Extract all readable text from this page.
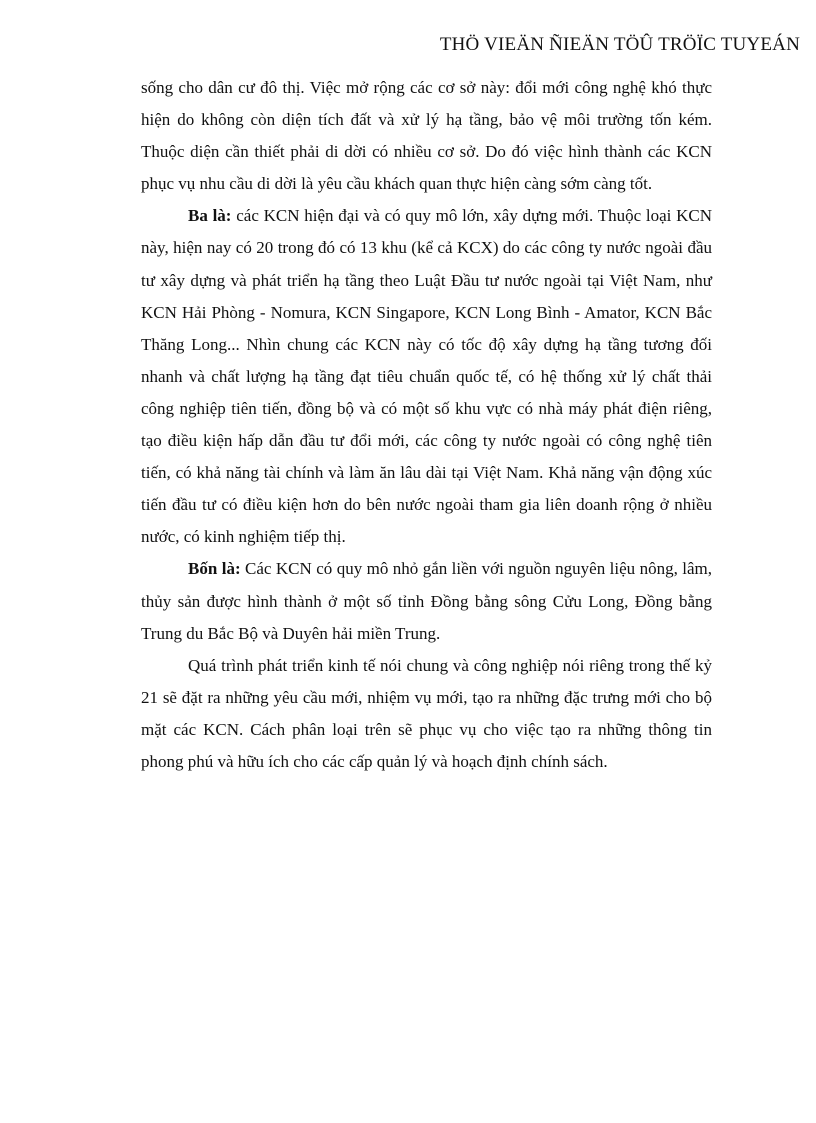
THÖ VIEÄN ÑIEÄN TÖÛ TRÖÏC TUYEÁN

sống cho dân cư đô thị. Việc mở rộng các cơ sở này: đổi mới công nghệ khó thực hiện do không còn diện tích đất và xử lý hạ tầng, bảo vệ môi trường tốn kém. Thuộc diện cần thiết phải di dời có nhiều cơ sở. Do đó việc hình thành các KCN phục vụ nhu cầu di dời là yêu cầu khách quan thực hiện càng sớm càng tốt.

Ba là: các KCN hiện đại và có quy mô lớn, xây dựng mới. Thuộc loại KCN này, hiện nay có 20 trong đó có 13 khu (kể cả KCX) do các công ty nước ngoài đầu tư xây dựng và phát triển hạ tầng theo Luật Đầu tư nước ngoài tại Việt Nam, như KCN Hải Phòng - Nomura, KCN Singapore, KCN Long Bình - Amator, KCN Bắc Thăng Long... Nhìn chung các KCN này có tốc độ xây dựng hạ tầng tương đối nhanh và chất lượng hạ tầng đạt tiêu chuẩn quốc tế, có hệ thống xử lý chất thải công nghiệp tiên tiến, đồng bộ và có một số khu vực có nhà máy phát điện riêng, tạo điều kiện hấp dẫn đầu tư đổi mới, các công ty nước ngoài có công nghệ tiên tiến, có khả năng tài chính và làm ăn lâu dài tại Việt Nam. Khả năng vận động xúc tiến đầu tư có điều kiện hơn do bên nước ngoài tham gia liên doanh rộng ở nhiều nước, có kinh nghiệm tiếp thị.

Bốn là: Các KCN có quy mô nhỏ gắn liền với nguồn nguyên liệu nông, lâm, thủy sản được hình thành ở một số tỉnh Đồng bằng sông Cửu Long, Đồng bằng Trung du Bắc Bộ và Duyên hải miền Trung.

Quá trình phát triển kinh tế nói chung và công nghiệp nói riêng trong thế kỷ 21 sẽ đặt ra những yêu cầu mới, nhiệm vụ mới, tạo ra những đặc trưng mới cho bộ mặt các KCN. Cách phân loại trên sẽ phục vụ cho việc tạo ra những thông tin phong phú và hữu ích cho các cấp quản lý và hoạch định chính sách.
